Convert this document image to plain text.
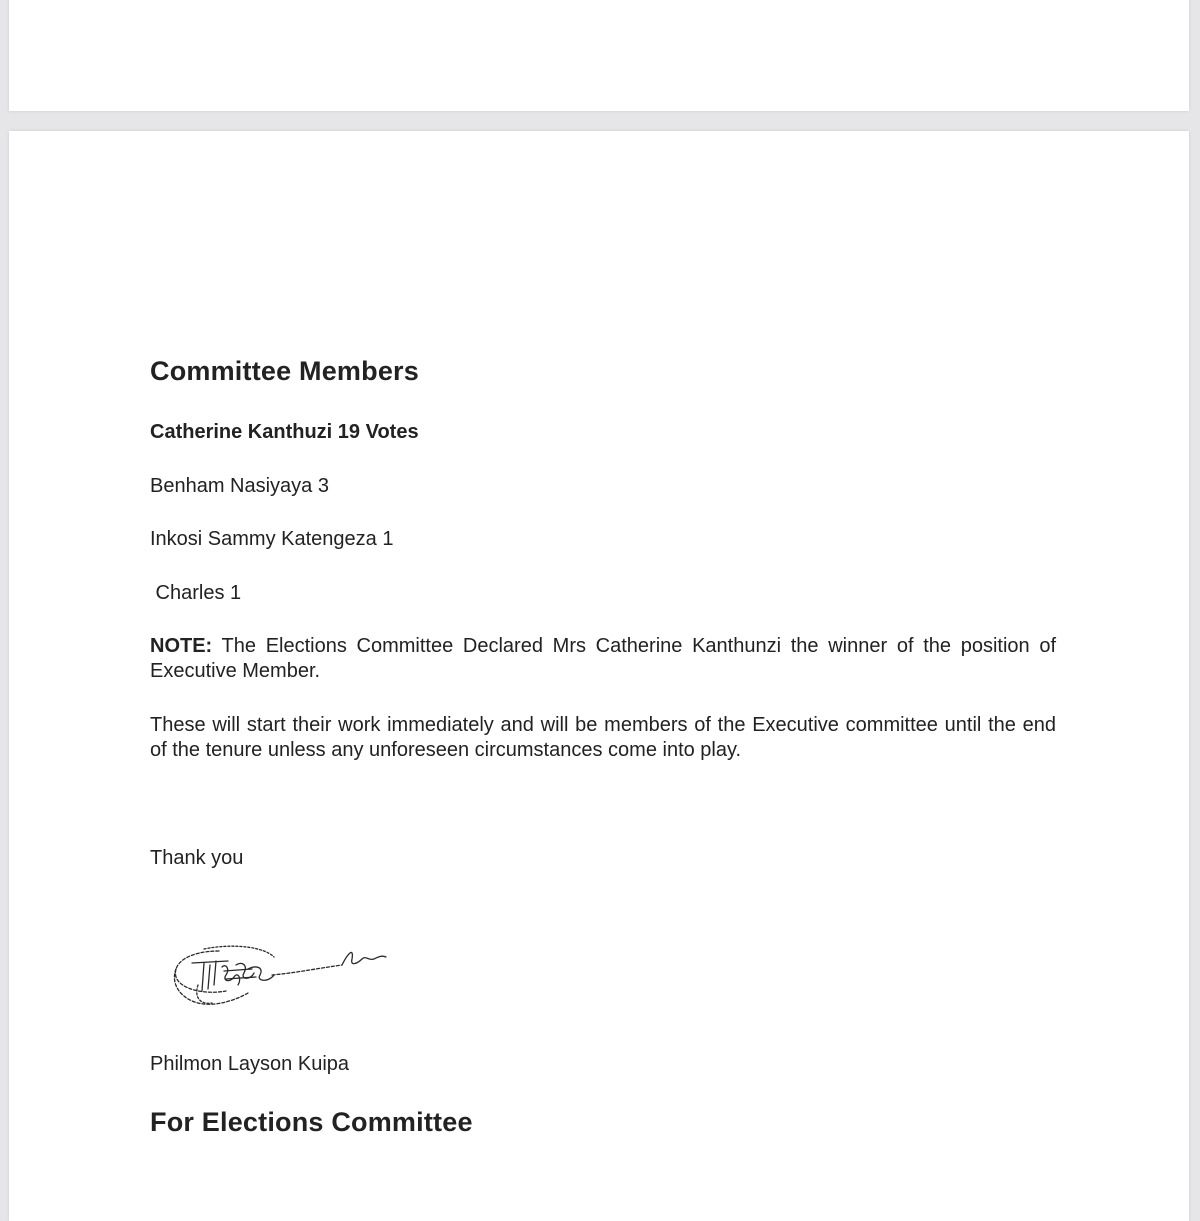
Committee Members
Catherine Kanthuzi 19 Votes
Benham Nasiyaya 3
Inkosi Sammy Katengeza 1
Charles 1
NOTE: The Elections Committee Declared Mrs Catherine Kanthunzi the winner of the position of Executive Member.
These will start their work immediately and will be members of the Executive committee until the end of the tenure unless any unforeseen circumstances come into play.
Thank you
Philmon Layson Kuipa
For Elections Committee
